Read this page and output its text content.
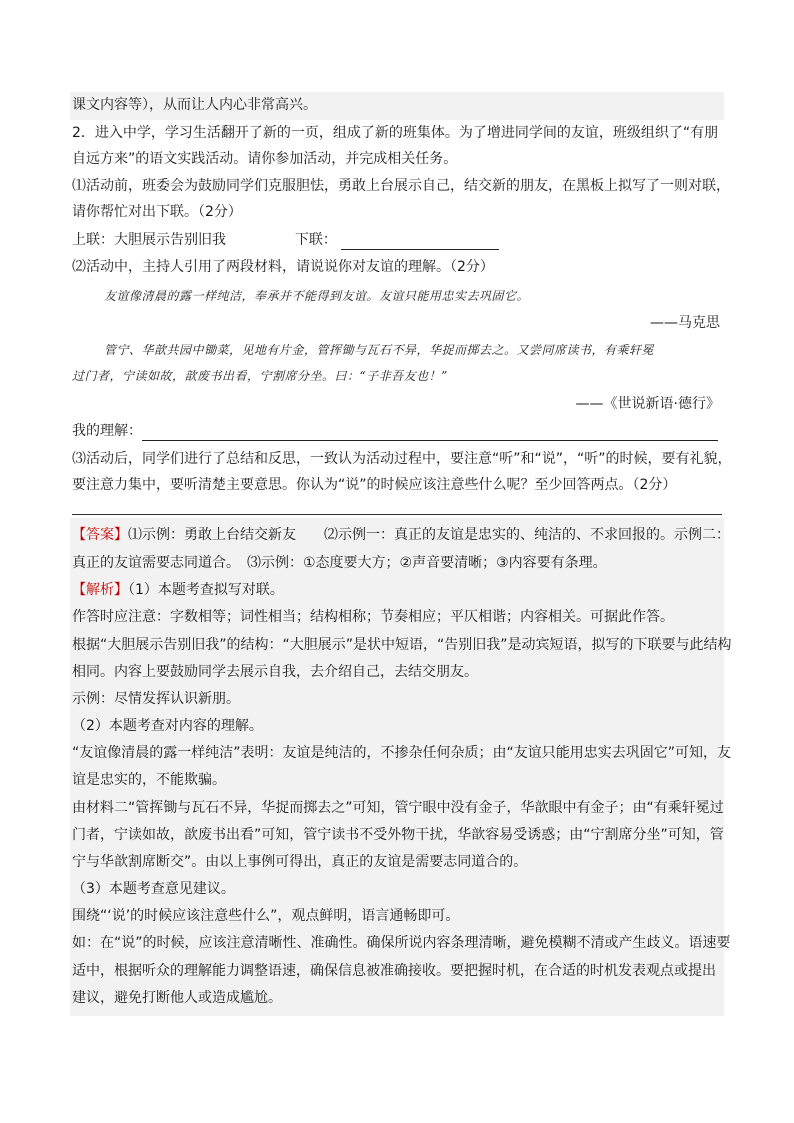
课文内容等），从而让人内心非常高兴。
2．进入中学，学习生活翻开了新的一页，组成了新的班集体。为了增进同学间的友谊，班级组织了“有朋
自远方来”的语文实践活动。请你参加活动，并完成相关任务。
⑴活动前，班委会为鼓励同学们克服胆怯，勇敢上台展示自己，结交新的朋友，在黑板上拟写了一则对联，
请你帮忙对出下联。（2分）
上联：大胆展示告别旧我	下联：
⑵活动中，主持人引用了两段材料，请说说你对友谊的理解。（2分）
友谊像清晨的露一样纯洁，奉承并不能得到友谊。友谊只能用忠实去巩固它。
——马克思
管宁、华歆共园中锄菜，见地有片金，管挥锄与瓦石不异，华捉而掷去之。又尝同席读书，有乘轩冕
过门者，宁读如故，歆废书出看，宁割席分坐。曰：“子非吾友也！”
——《世说新语·德行》
我的理解：
⑶活动后，同学们进行了总结和反思，一致认为活动过程中，要注意“听”和“说”，“听”的时候，要有礼貌，
要注意力集中，要听清楚主要意思。你认为“说”的时候应该注意些什么呢？至少回答两点。（2分）
【答案】⑴示例：勇敢上台结交新友　　⑵示例一：真正的友谊是忠实的、纯洁的、不求回报的。示例二：
真正的友谊需要志同道合。　⑶示例：①态度要大方；②声音要清晰；③内容要有条理。
【解析】（1）本题考查拟写对联。
作答时应注意：字数相等；词性相当；结构相称；节奏相应；平仄相谐；内容相关。可据此作答。
根据“大胆展示告别旧我”的结构：“大胆展示”是状中短语，“告别旧我”是动宾短语，拟写的下联要与此结构
相同。内容上要鼓励同学去展示自我，去介绍自己，去结交朋友。
示例：尽情发挥认识新朋。
（2）本题考查对内容的理解。
“友谊像清晨的露一样纯洁”表明：友谊是纯洁的，不掺杂任何杂质；由“友谊只能用忠实去巩固它”可知，友
谊是忠实的，不能欺骗。
由材料二“管挥锄与瓦石不异，华捉而掷去之”可知，管宁眼中没有金子，华歆眼中有金子；由“有乘轩冕过
门者，宁读如故，歆废书出看”可知，管宁读书不受外物干扰，华歆容易受诱惑；由“宁割席分坐”可知，管
宁与华歆割席断交”。由以上事例可得出，真正的友谊是需要志同道合的。
（3）本题考查意见建议。
围绕“‘说’的时候应该注意些什么”，观点鲜明，语言通畅即可。
如：在“说”的时候，应该注意清晰性、准确性。确保所说内容条理清晰，避免模糊不清或产生歧义。语速要
适中，根据听众的理解能力调整语速，确保信息被准确接收。要把握时机，在合适的时机发表观点或提出
建议，避免打断他人或造成尴尬。
